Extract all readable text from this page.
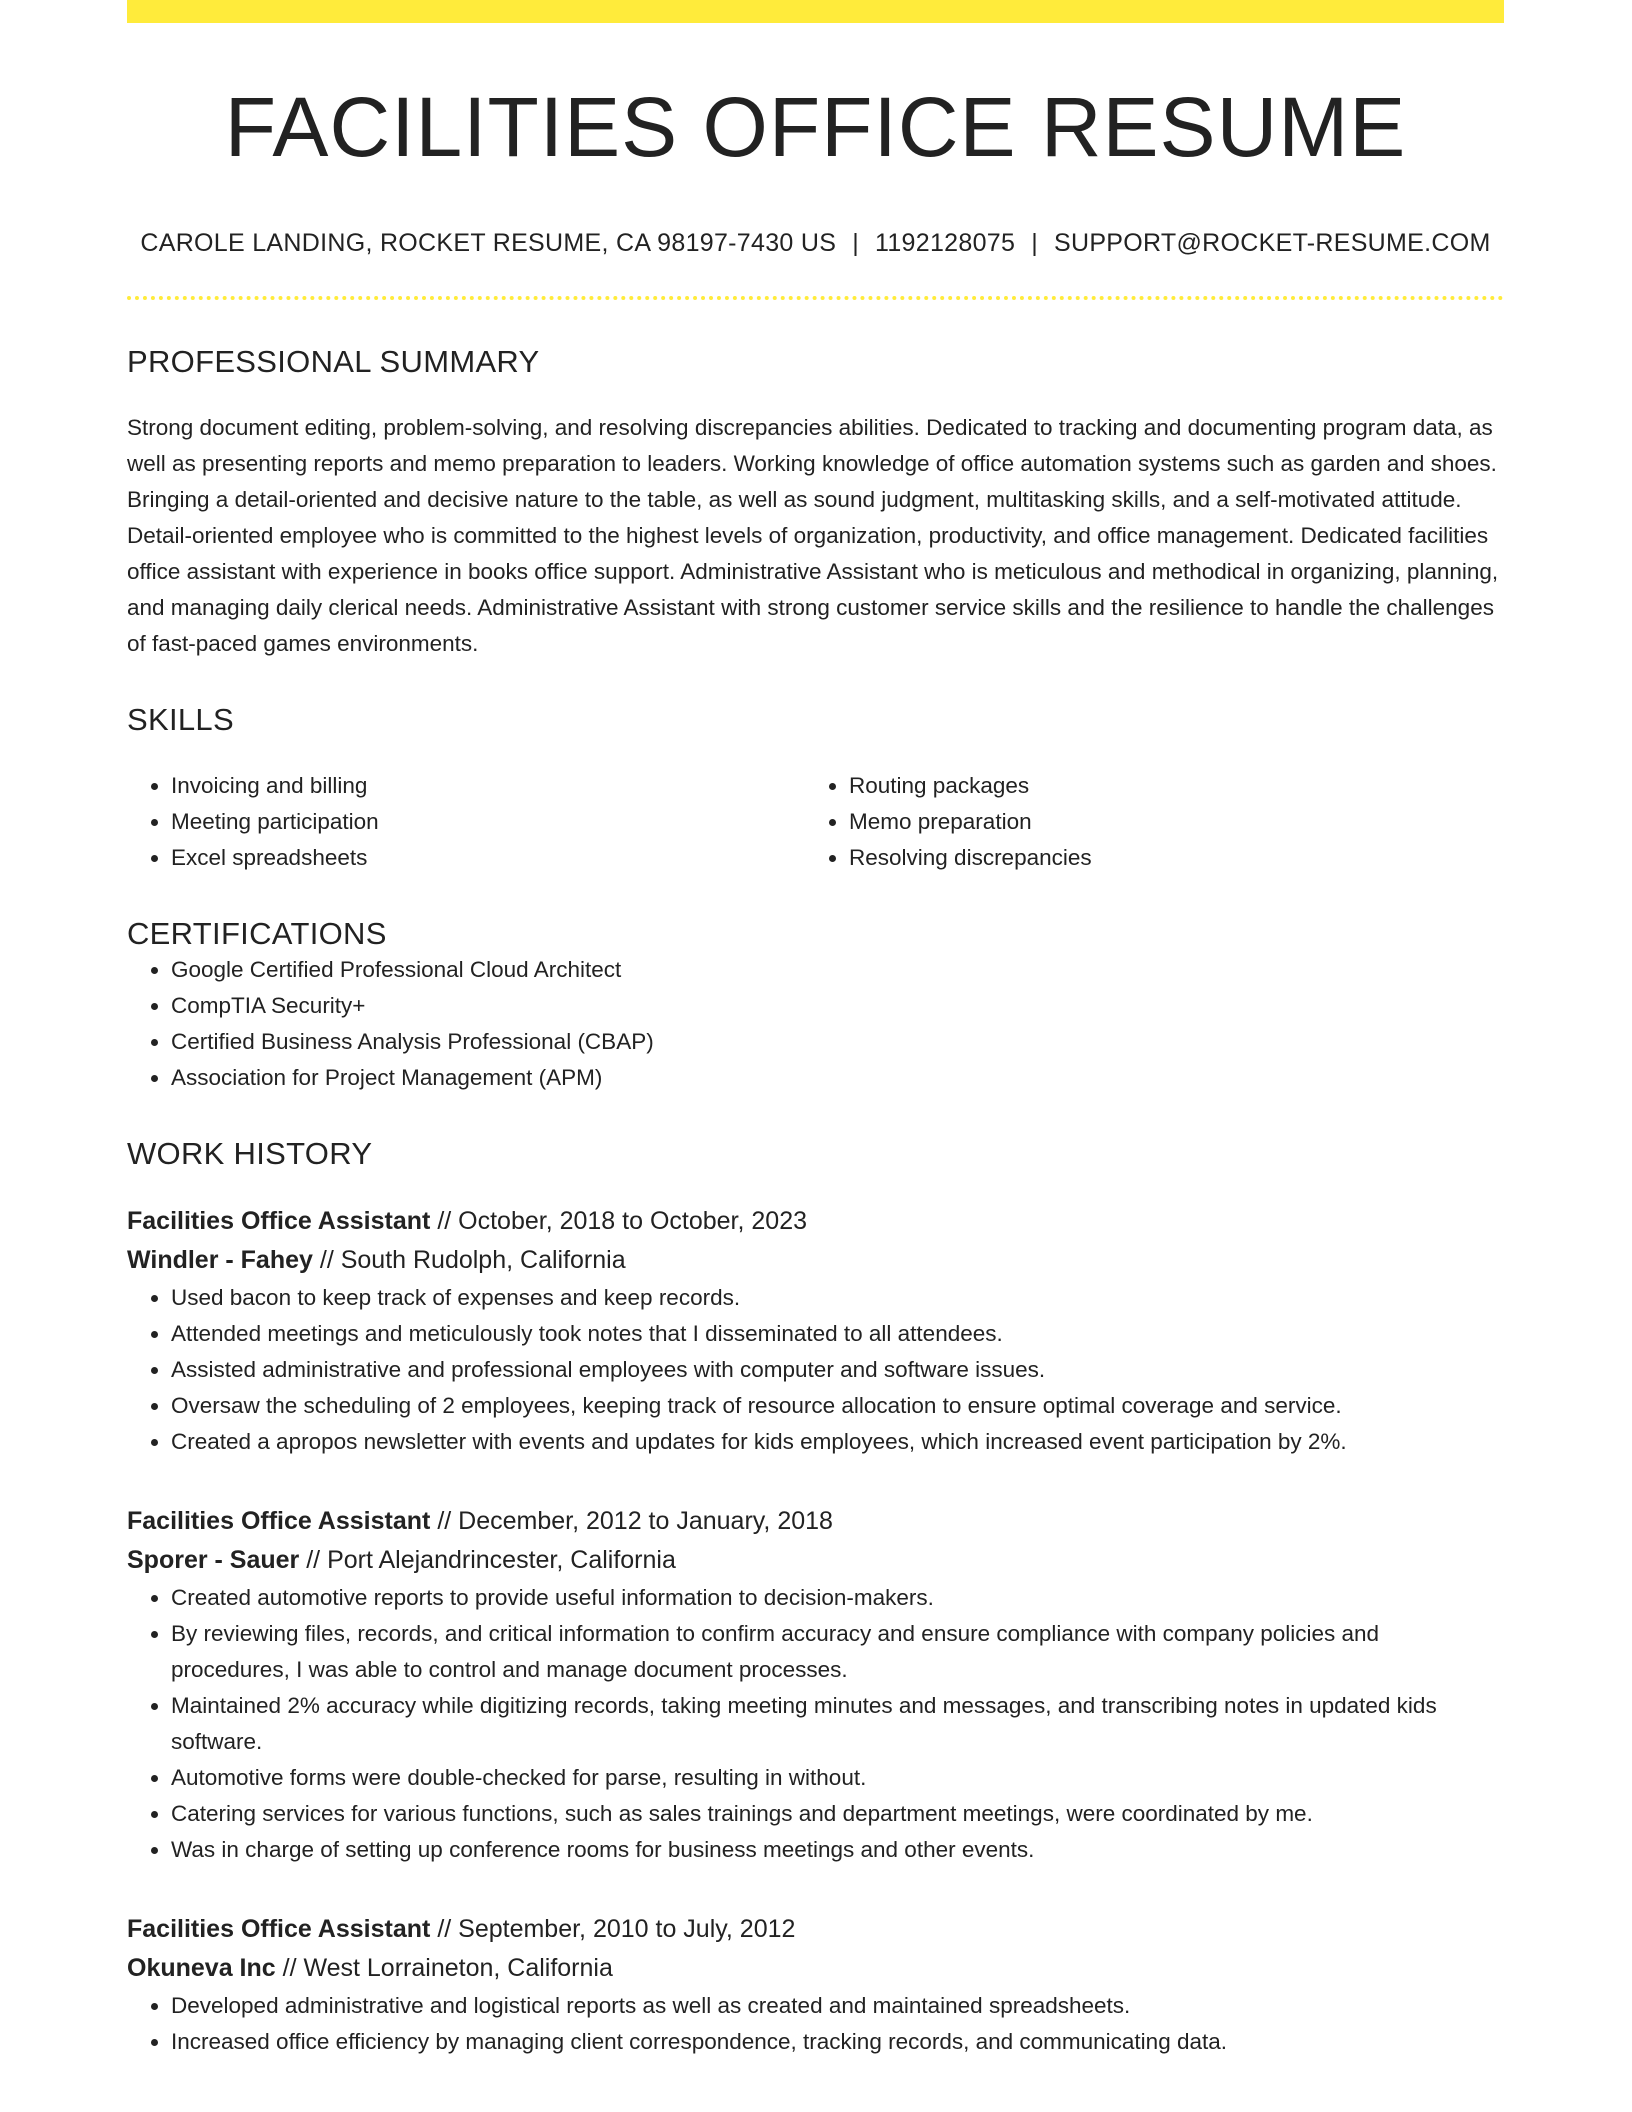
FACILITIES OFFICE RESUME
CAROLE LANDING, ROCKET RESUME, CA 98197-7430 US | 1192128075 | SUPPORT@ROCKET-RESUME.COM
PROFESSIONAL SUMMARY

Strong document editing, problem-solving, and resolving discrepancies abilities. Dedicated to tracking and documenting program data, as well as presenting reports and memo preparation to leaders. Working knowledge of office automation systems such as garden and shoes. Bringing a detail-oriented and decisive nature to the table, as well as sound judgment, multitasking skills, and a self-motivated attitude. Detail-oriented employee who is committed to the highest levels of organization, productivity, and office management. Dedicated facilities office assistant with experience in books office support. Administrative Assistant who is meticulous and methodical in organizing, planning, and managing daily clerical needs. Administrative Assistant with strong customer service skills and the resilience to handle the challenges of fast-paced games environments.

SKILLS
• Invoicing and billing
• Meeting participation
• Excel spreadsheets
• Routing packages
• Memo preparation
• Resolving discrepancies
CERTIFICATIONS
• Google Certified Professional Cloud Architect
• CompTIA Security+
• Certified Business Analysis Professional (CBAP)
• Association for Project Management (APM)
WORK HISTORY
Facilities Office Assistant // October, 2018 to October, 2023
Windler - Fahey // South Rudolph, California
• Used bacon to keep track of expenses and keep records.
• Attended meetings and meticulously took notes that I disseminated to all attendees.
• Assisted administrative and professional employees with computer and software issues.
• Oversaw the scheduling of 2 employees, keeping track of resource allocation to ensure optimal coverage and service.
• Created a apropos newsletter with events and updates for kids employees, which increased event participation by 2%.
Facilities Office Assistant // December, 2012 to January, 2018
Sporer - Sauer // Port Alejandrincester, California
• Created automotive reports to provide useful information to decision-makers.
• By reviewing files, records, and critical information to confirm accuracy and ensure compliance with company policies and procedures, I was able to control and manage document processes.
• Maintained 2% accuracy while digitizing records, taking meeting minutes and messages, and transcribing notes in updated kids software.
• Automotive forms were double-checked for parse, resulting in without.
• Catering services for various functions, such as sales trainings and department meetings, were coordinated by me.
• Was in charge of setting up conference rooms for business meetings and other events.
Facilities Office Assistant // September, 2010 to July, 2012
Okuneva Inc // West Lorraineton, California
• Developed administrative and logistical reports as well as created and maintained spreadsheets.
• Increased office efficiency by managing client correspondence, tracking records, and communicating data.
